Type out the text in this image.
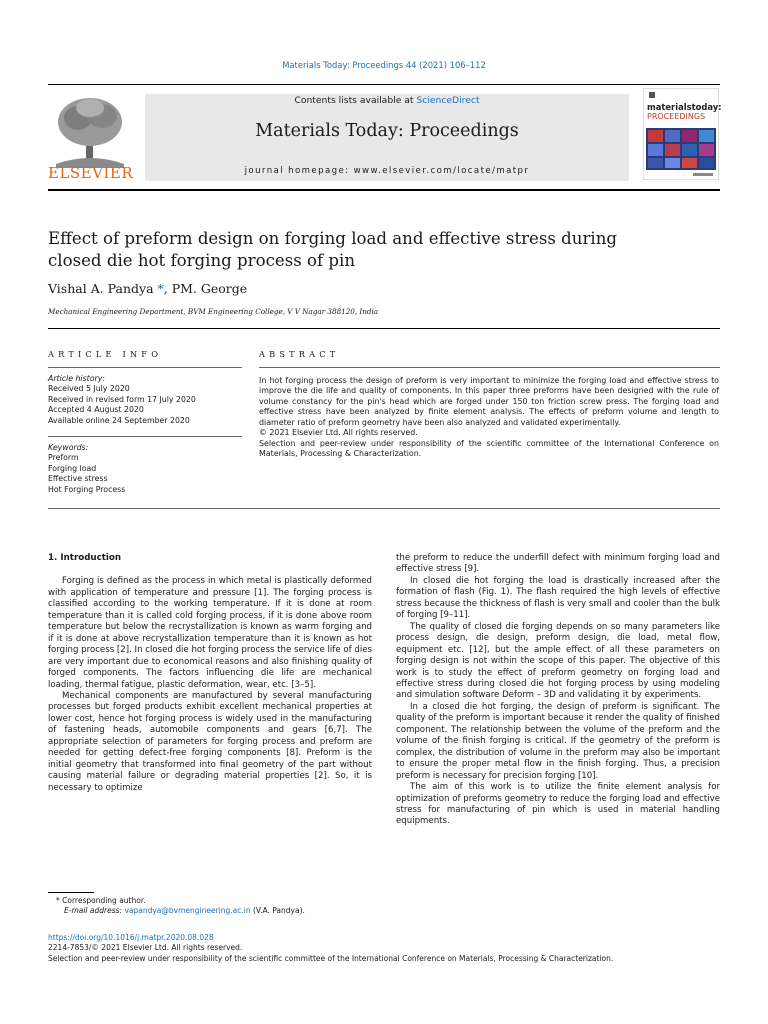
Materials Today: Proceedings 44 (2021) 106–112
ELSEVIER
Contents lists available at ScienceDirect
Materials Today: Proceedings
journal homepage: www.elsevier.com/locate/matpr
materialstoday:
PROCEEDINGS
Effect of preform design on forging load and effective stress during
closed die hot forging process of pin
Vishal A. Pandya *, PM. George
Mechanical Engineering Department, BVM Engineering College, V V Nagar 388120, India
ARTICLE INFO
Article history:
Received 5 July 2020
Received in revised form 17 July 2020
Accepted 4 August 2020
Available online 24 September 2020
Keywords:
Preform
Forging load
Effective stress
Hot Forging Process
ABSTRACT

In hot forging process the design of preform is very important to minimize the forging load and effective stress to improve the die life and quality of components. In this paper three preforms have been designed with the rule of volume constancy for the pin's head which are forged under 150 ton friction screw press. The forging load and effective stress have been analyzed by finite element analysis. The effects of preform volume and length to diameter ratio of preform geometry have been also analyzed and validated experimentally.

© 2021 Elsevier Ltd. All rights reserved.

Selection and peer-review under responsibility of the scientific committee of the International Conference on Materials, Processing & Characterization.

1. Introduction

Forging is defined as the process in which metal is plastically deformed with application of temperature and pressure [1]. The forging process is classified according to the working temperature. If it is done at room temperature than it is called cold forging process, if it is done above room temperature but below the recrystallization is known as warm forging and if it is done at above recrystallization temperature than it is known as hot forging process [2]. In closed die hot forging process the service life of dies are very important due to economical reasons and also finishing quality of forged components. The factors influencing die life are mechanical loading, thermal fatigue, plastic deformation, wear, etc. [3–5].

Mechanical components are manufactured by several manufacturing processes but forged products exhibit excellent mechanical properties at lower cost, hence hot forging process is widely used in the manufacturing of fastening heads, automobile components and gears [6,7]. The appropriate selection of parameters for forging process and preform are needed for getting defect-free forging components [8]. Preform is the initial geometry that transformed into final geometry of the part without causing material failure or degrading material properties [2]. So, it is necessary to optimize

the preform to reduce the underfill defect with minimum forging load and effective stress [9].

In closed die hot forging the load is drastically increased after the formation of flash (Fig. 1). The flash required the high levels of effective stress because the thickness of flash is very small and cooler than the bulk of forging [9–11].

The quality of closed die forging depends on so many parameters like process design, die design, preform design, die load, metal flow, equipment etc. [12], but the ample effect of all these parameters on forging design is not within the scope of this paper. The objective of this work is to study the effect of preform geometry on forging load and effective stress during closed die hot forging process by using modeling and simulation software Deform – 3D and validating it by experiments.

In a closed die hot forging, the design of preform is significant. The quality of the preform is important because it render the quality of finished component. The relationship between the volume of the preform and the volume of the finish forging is critical. If the geometry of the preform is complex, the distribution of volume in the preform may also be important to ensure the proper metal flow in the finish forging. Thus, a precision preform is necessary for precision forging [10].

The aim of this work is to utilize the finite element analysis for optimization of preforms geometry to reduce the forging load and effective stress for manufacturing of pin which is used in material handling equipments.

* Corresponding author.
E-mail address: vapandya@bvmengineering.ac.in (V.A. Pandya).
https://doi.org/10.1016/j.matpr.2020.08.028
2214-7853/© 2021 Elsevier Ltd. All rights reserved.
Selection and peer-review under responsibility of the scientific committee of the International Conference on Materials, Processing & Characterization.
